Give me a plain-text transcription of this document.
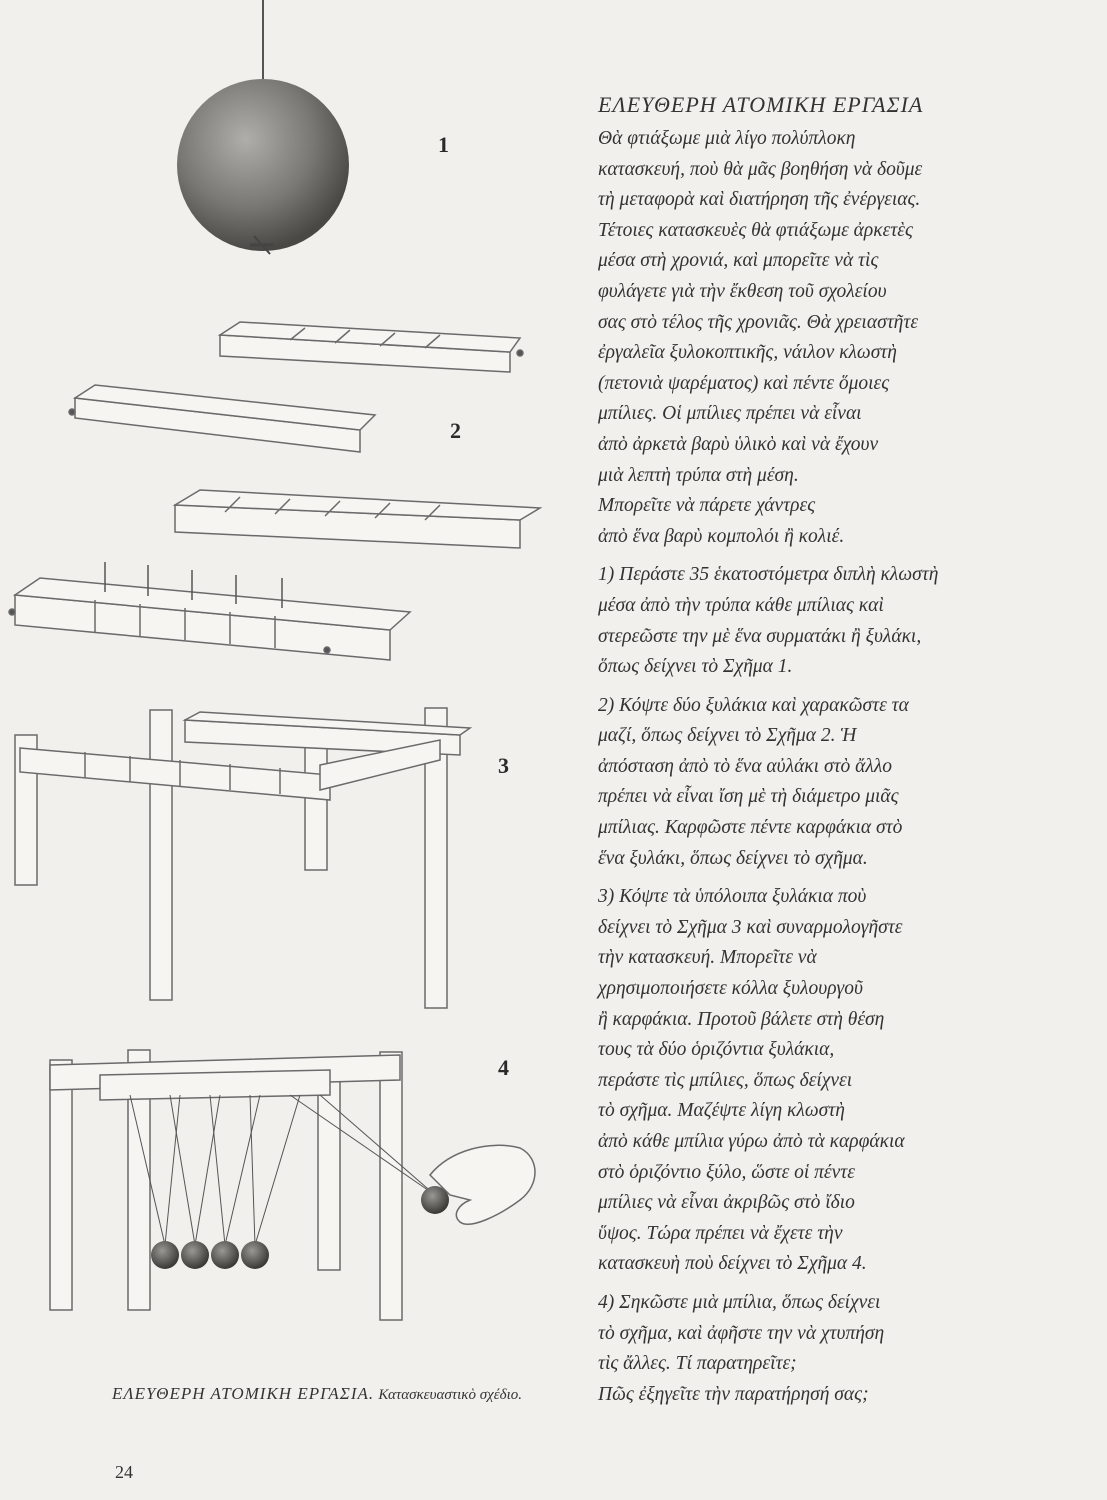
1
2
3
4
ΕΛΕΥΘΕΡΗ ΑΤΟΜΙΚΗ ΕΡΓΑΣΙΑ

Θὰ φτιάξωμε μιὰ λίγο πολύπλοκη
κατασκευή, ποὺ θὰ μᾶς βοηθήση νὰ δοῦμε
τὴ μεταφορὰ καὶ διατήρηση τῆς ἐνέργειας.
Τέτοιες κατασκευὲς θὰ φτιάξωμε ἀρκετὲς
μέσα στὴ χρονιά, καὶ μπορεῖτε νὰ τὶς
φυλάγετε γιὰ τὴν ἔκθεση τοῦ σχολείου
σας στὸ τέλος τῆς χρονιᾶς. Θὰ χρειαστῆτε
ἐργαλεῖα ξυλοκοπτικῆς, νάιλον κλωστὴ
(πετονιὰ ψαρέματος) καὶ πέντε ὅμοιες
μπίλιες. Οἱ μπίλιες πρέπει νὰ εἶναι
ἀπὸ ἀρκετὰ βαρὺ ὑλικὸ καὶ νὰ ἔχουν
μιὰ λεπτὴ τρύπα στὴ μέση.
Μπορεῖτε νὰ πάρετε χάντρες
ἀπὸ ἕνα βαρὺ κομπολόι ἢ κολιέ.

1) Περάστε 35 ἑκατοστόμετρα διπλὴ κλωστὴ
μέσα ἀπὸ τὴν τρύπα κάθε μπίλιας καὶ
στερεῶστε την μὲ ἕνα συρματάκι ἢ ξυλάκι,
ὅπως δείχνει τὸ Σχῆμα 1.

2) Κόψτε δύο ξυλάκια καὶ χαρακῶστε τα
μαζί, ὅπως δείχνει τὸ Σχῆμα 2. Ἡ
ἀπόσταση ἀπὸ τὸ ἕνα αὐλάκι στὸ ἄλλο
πρέπει νὰ εἶναι ἴση μὲ τὴ διάμετρο μιᾶς
μπίλιας. Καρφῶστε πέντε καρφάκια στὸ
ἕνα ξυλάκι, ὅπως δείχνει τὸ σχῆμα.

3) Κόψτε τὰ ὑπόλοιπα ξυλάκια ποὺ
δείχνει τὸ Σχῆμα 3 καὶ συναρμολογῆστε
τὴν κατασκευή. Μπορεῖτε νὰ
χρησιμοποιήσετε κόλλα ξυλουργοῦ
ἢ καρφάκια. Προτοῦ βάλετε στὴ θέση
τους τὰ δύο ὁριζόντια ξυλάκια,
περάστε τὶς μπίλιες, ὅπως δείχνει
τὸ σχῆμα. Μαζέψτε λίγη κλωστὴ
ἀπὸ κάθε μπίλια γύρω ἀπὸ τὰ καρφάκια
στὸ ὁριζόντιο ξύλο, ὥστε οἱ πέντε
μπίλιες νὰ εἶναι ἀκριβῶς στὸ ἴδιο
ὕψος. Τώρα πρέπει νὰ ἔχετε τὴν
κατασκευὴ ποὺ δείχνει τὸ Σχῆμα 4.

4) Σηκῶστε μιὰ μπίλια, ὅπως δείχνει
τὸ σχῆμα, καὶ ἀφῆστε την νὰ χτυπήση
τὶς ἄλλες. Τί παρατηρεῖτε;
Πῶς ἐξηγεῖτε τὴν παρατήρησή σας;

ΕΛΕΥΘΕΡΗ ΑΤΟΜΙΚΗ ΕΡΓΑΣΙΑ. Κατασκευαστικὸ σχέδιο.
24
